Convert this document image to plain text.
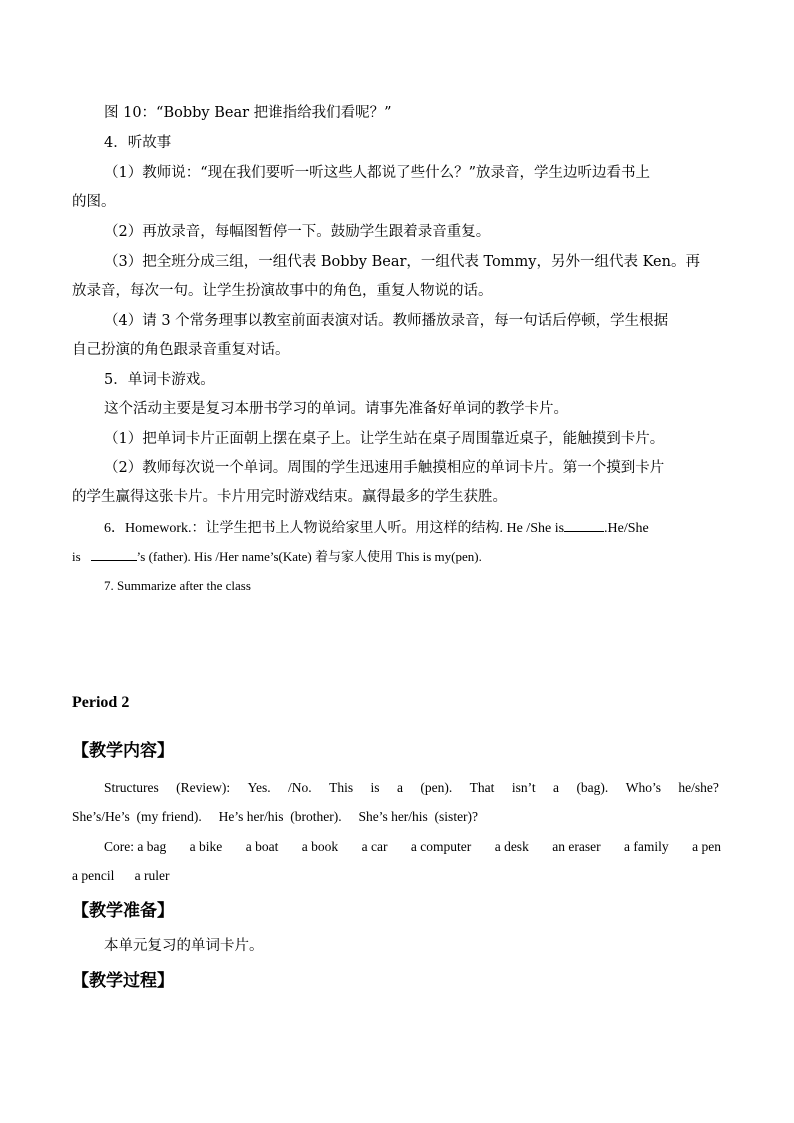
图 10：“Bobby Bear 把谁指给我们看呢？”
4．听故事
（1）教师说：“现在我们要听一听这些人都说了些什么？”放录音，学生边听边看书上
的图。
（2）再放录音，每幅图暂停一下。鼓励学生跟着录音重复。
（3）把全班分成三组，一组代表 Bobby Bear，一组代表 Tommy，另外一组代表 Ken。再
放录音，每次一句。让学生扮演故事中的角色，重复人物说的话。
（4）请 3 个常务理事以教室前面表演对话。教师播放录音，每一句话后停顿，学生根据
自己扮演的角色跟录音重复对话。
5．单词卡游戏。
这个活动主要是复习本册书学习的单词。请事先准备好单词的教学卡片。
（1）把单词卡片正面朝上摆在桌子上。让学生站在桌子周围靠近桌子，能触摸到卡片。
（2）教师每次说一个单词。周围的学生迅速用手触摸相应的单词卡片。第一个摸到卡片
的学生赢得这张卡片。卡片用完时游戏结束。赢得最多的学生获胜。
6．Homework.：让学生把书上人物说给家里人听。用这样的结构. He /She is	.He/She
is	’s (father). His /Her name’s(Kate) 着与家人使用 This is my(pen).
7. Summarize after the class
Period 2
【教学内容】
Structures (Review): Yes. /No. This is a (pen). That isn’t a (bag). Who’s he/she?
She’s/He’s  (my friend).     He’s her/his  (brother).     She’s her/his  (sister)?
Core: a bag a bike a boat a book a car a computer a desk an eraser a family a pen
a pencil      a ruler
【教学准备】
本单元复习的单词卡片。
【教学过程】
